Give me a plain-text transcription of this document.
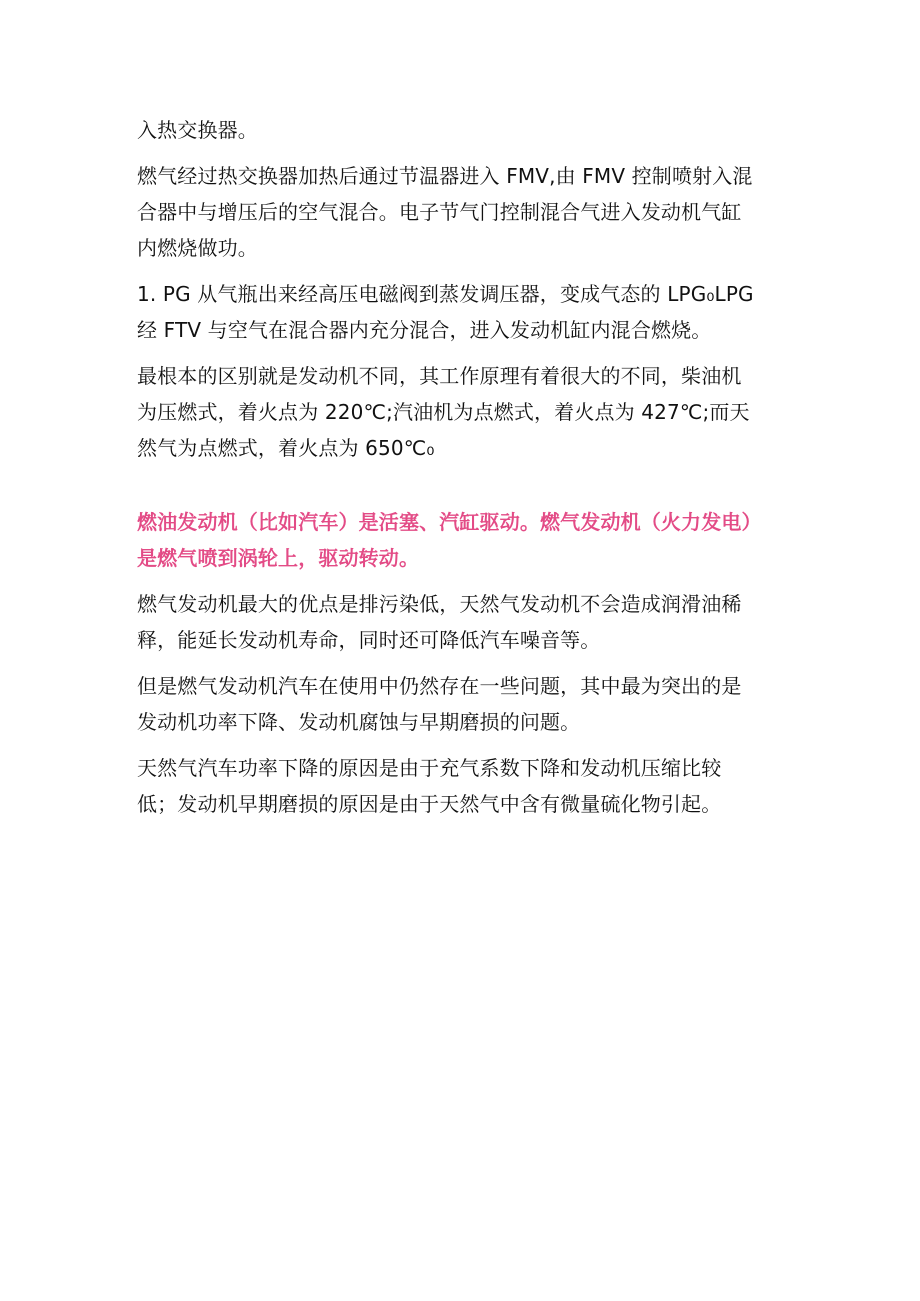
入热交换器。

燃气经过热交换器加热后通过节温器进入 FMV,由 FMV 控制喷射入混

合器中与增压后的空气混合。电子节气门控制混合气进入发动机气缸

内燃烧做功。

1. PG 从气瓶出来经高压电磁阀到蒸发调压器，变成气态的 LPG₀LPG

经 FTV 与空气在混合器内充分混合，进入发动机缸内混合燃烧。

最根本的区别就是发动机不同，其工作原理有着很大的不同，柴油机

为压燃式，着火点为 220℃;汽油机为点燃式，着火点为 427℃;而天

然气为点燃式，着火点为 650℃₀

燃油发动机（比如汽车）是活塞、汽缸驱动。燃气发动机（火力发电）

是燃气喷到涡轮上，驱动转动。

燃气发动机最大的优点是排污染低，天然气发动机不会造成润滑油稀

释，能延长发动机寿命，同时还可降低汽车噪音等。

但是燃气发动机汽车在使用中仍然存在一些问题，其中最为突出的是

发动机功率下降、发动机腐蚀与早期磨损的问题。

天然气汽车功率下降的原因是由于充气系数下降和发动机压缩比较

低；发动机早期磨损的原因是由于天然气中含有微量硫化物引起。
